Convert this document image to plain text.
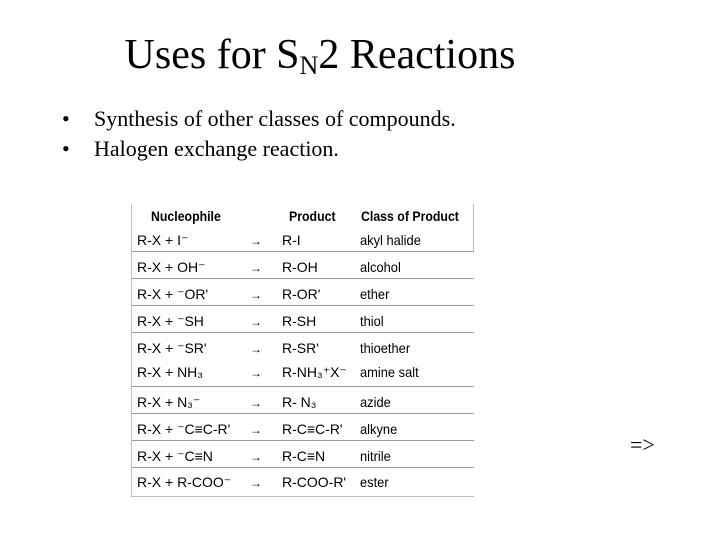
Uses for $S_N2$ Reactions
• Synthesis of other classes of compounds.
• Halogen exchange reaction.
Nucleophile	Product Class of Product
R-X + I⁻	→ R-I	akyl halide
R-X + OH⁻	→ R-OH	alcohol
R-X + ⁻OR'	→ R-OR'	ether
R-X + ⁻SH	→ R-SH	thiol
R-X + ⁻SR'	→ R-SR'	thioether
R-X + NH₃	→ R-NH₃⁺X⁻ amine salt
R-X + N₃⁻	→ R- N₃	azide
R-X + ⁻C≡C-R' → R-C≡C-R' alkyne
R-X + ⁻C≡N	→ R-C≡N nitrile
R-X + R-COO⁻ → R-COO-R' ester
=>
